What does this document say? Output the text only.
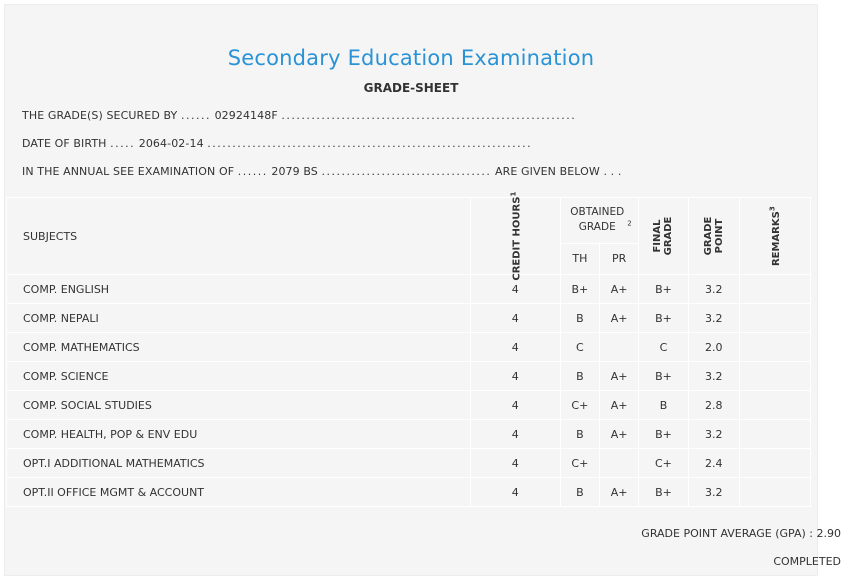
Secondary Education Examination
GRADE-SHEET
THE GRADE(S) SECURED BY ...... 02924148F ...........................................................
DATE OF BIRTH ..... 2064-02-14 .................................................................
IN THE ANNUAL SEE EXAMINATION OF ...... 2079 BS .................................. ARE GIVEN BELOW . . .
SUBJECTS	CREDIT HOURS$^1$	OBTAINED GRADE $^2$		FINAL GRADE	GRADE POINT	REMARKS$^3$
		TH	PR			
COMP. ENGLISH	4	B+	A+	B+	3.2	
COMP. NEPALI	4	B	A+	B+	3.2	
COMP. MATHEMATICS	4	C		C	2.0	
COMP. SCIENCE	4	B	A+	B+	3.2	
COMP. SOCIAL STUDIES	4	C+	A+	B	2.8	
COMP. HEALTH, POP & ENV EDU	4	B	A+	B+	3.2	
OPT.I ADDITIONAL MATHEMATICS	4	C+		C+	2.4	
OPT.II OFFICE MGMT & ACCOUNT	4	B	A+	B+	3.2	
GRADE POINT AVERAGE (GPA) : 2.90
COMPLETED
